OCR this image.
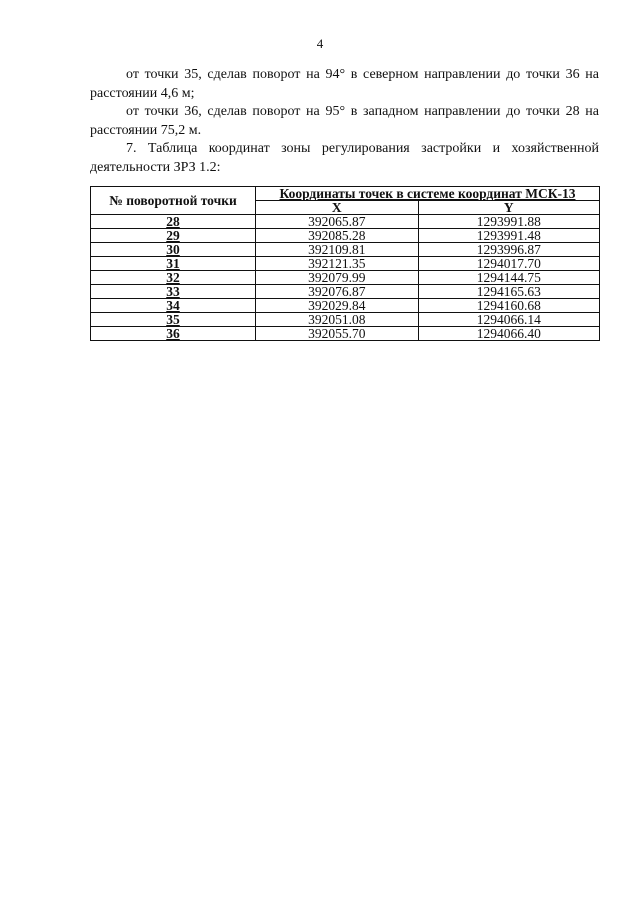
4

от точки 35, сделав поворот на 94° в северном направлении до точки 36 на расстоянии 4,6 м;

от точки 36, сделав поворот на 95° в западном направлении до точки 28 на расстоянии 75,2 м.

7. Таблица координат зоны регулирования застройки и хозяйственной деятельности ЗРЗ 1.2:

№ поворотной точки	Координаты точек в системе координат МСК-13	
	X	Y
28	392065.87	1293991.88
29	392085.28	1293991.48
30	392109.81	1293996.87
31	392121.35	1294017.70
32	392079.99	1294144.75
33	392076.87	1294165.63
34	392029.84	1294160.68
35	392051.08	1294066.14
36	392055.70	1294066.40
